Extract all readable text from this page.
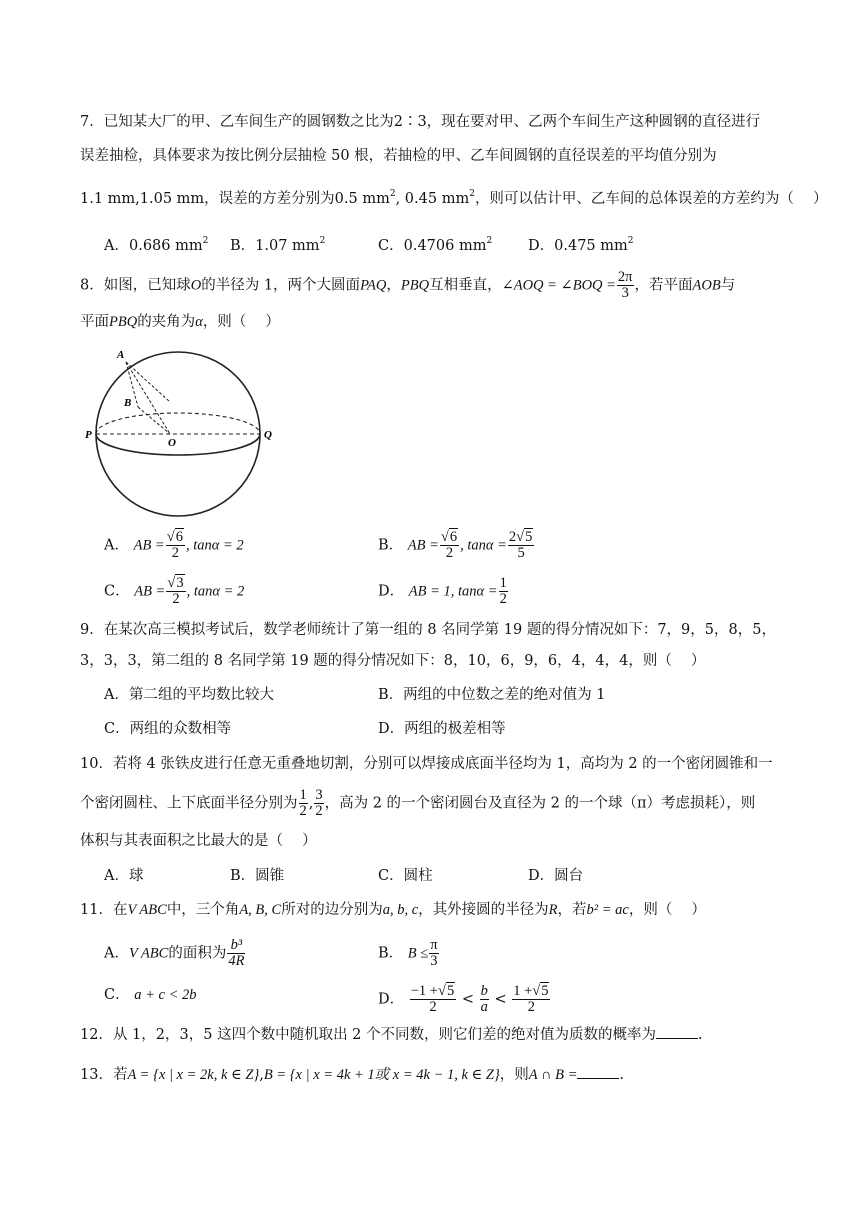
7．已知某大厂的甲、乙车间生产的圆钢数之比为2∶3，现在要对甲、乙两个车间生产这种圆钢的直径进行
误差抽检，具体要求为按比例分层抽检 50 根，若抽检的甲、乙车间圆钢的直径误差的平均值分别为
1.1 mm,1.05 mm，误差的方差分别为0.5 $mm^2$, 0.45 $mm^2$，则可以估计甲、乙车间的总体误差的方差约为（　 ）
A．0.686 $mm^2$ B．1.07 $mm^2$	C．0.4706 $mm^2$ D．0.475 $mm^2$
8．如图，已知球O的半径为 1，两个大圆面PAQ，PBQ互相垂直，∠AOQ = ∠BOQ = $\frac{2\pi}{3}$ ，若平面AOB与
平面PBQ的夹角为α，则（　 ）
A
B
P
O
Q
A． AB = $\frac{√6}{2}$ , tanα = 2	B． AB = $\frac{√6}{2}$ , $\tan\alpha = \frac{2√5}{5}$
C． AB = $\frac{√3}{2}$ , tanα = 2	D． AB = 1, $\tan\alpha = \frac{1}{2}$
9．在某次高三模拟考试后，数学老师统计了第一组的 8 名同学第 19 题的得分情况如下：7，9，5，8，5，
3，3，3，第二组的 8 名同学第 19 题的得分情况如下：8，10，6，9，6，4，4，4，则（　 ）
A．第二组的平均数比较大	B．两组的中位数之差的绝对值为 1
C．两组的众数相等	D．两组的极差相等
10．若将 4 张铁皮进行任意无重叠地切割，分别可以焊接成底面半径均为 1，高均为 2 的一个密闭圆锥和一
个密闭圆柱、上下底面半径分别为 $\frac{1}{2}$ , $\frac{3}{2}$ ，高为 2 的一个密闭圆台及直径为 2 的一个球（π）考虑损耗），则
体积与其表面积之比最大的是（　 ）
A．球	B．圆锥	C．圆柱	D．圆台
11．在V ABC中，三个角A, B, C所对的边分别为a, b, c，其外接圆的半径为R，若b² = ac，则（　 ）
A．V ABC的面积为 $\frac{\text{b³}}{4R}$	B． $B \le \frac{\pi}{3}$
C． a + c < 2b	D． $\frac{-1 +√5}{2} < \frac{b}{a} < \frac{1 +√5}{2}$
12．从 1，2，3，5 这四个数中随机取出 2 个不同数，则它们差的绝对值为质数的概率为	.
13．若A = {x | x = 2k, k ∈ Z},B = {x | x = 4k + 1或 x = 4k − 1, k ∈ Z}，则A ∩ B =	.
